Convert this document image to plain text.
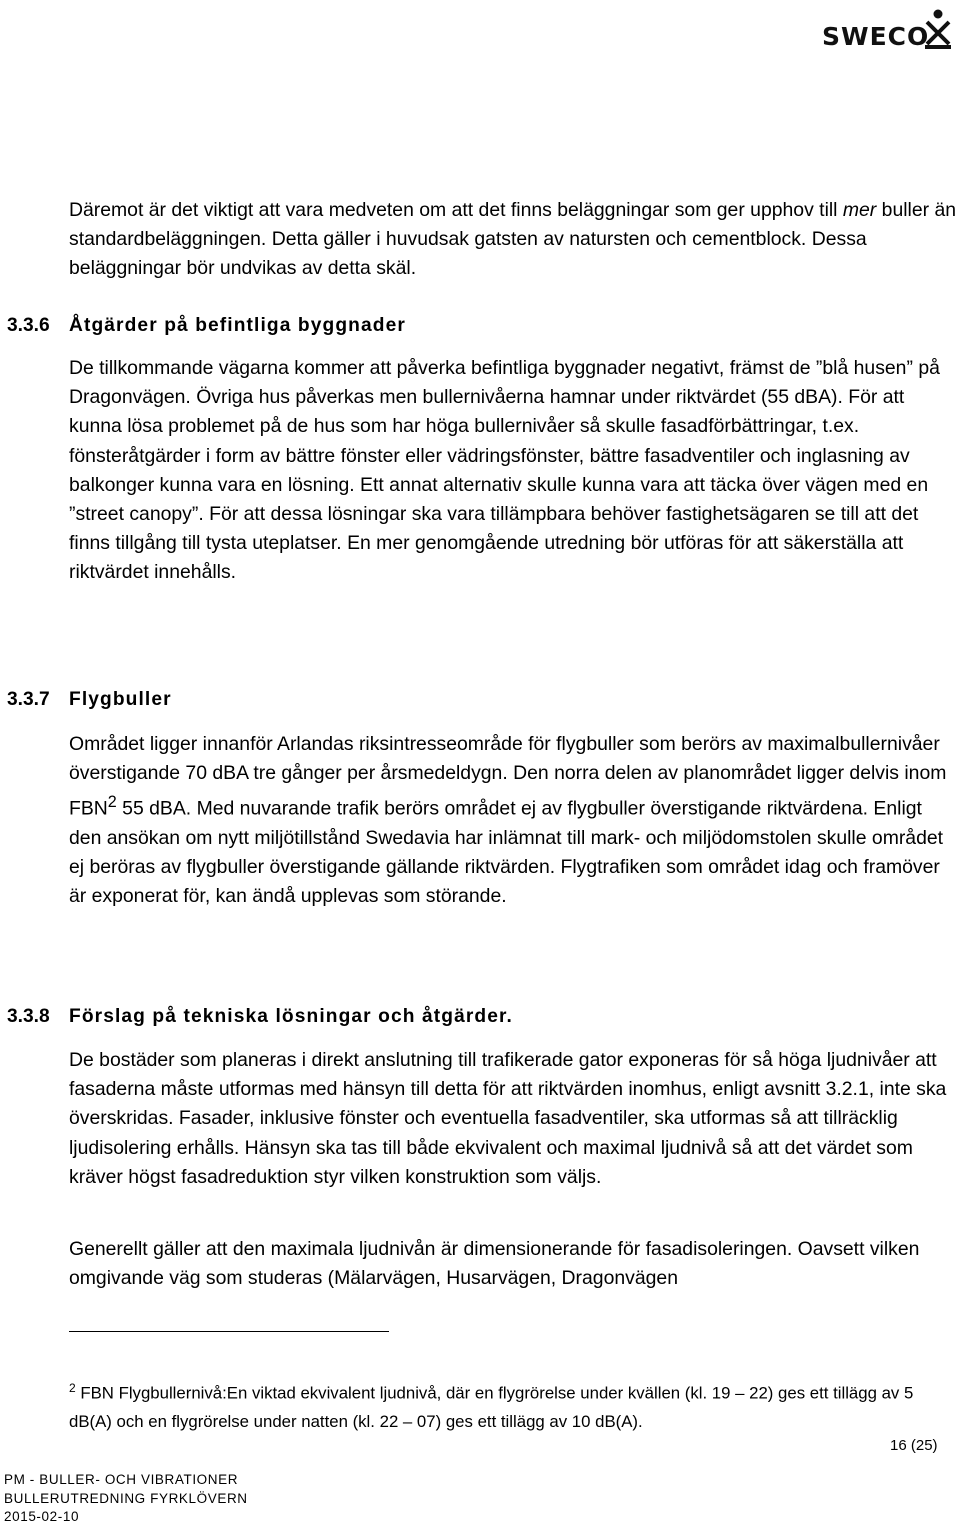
SWECO

Däremot är det viktigt att vara medveten om att det finns beläggningar som ger upphov till mer buller än standardbeläggningen. Detta gäller i huvudsak gatsten av natursten och cementblock. Dessa beläggningar bör undvikas av detta skäl.

3.3.6 Åtgärder på befintliga byggnader

De tillkommande vägarna kommer att påverka befintliga byggnader negativt, främst de ”blå husen” på Dragonvägen. Övriga hus påverkas men bullernivåerna hamnar under riktvärdet (55 dBA). För att kunna lösa problemet på de hus som har höga bullernivåer så skulle fasadförbättringar, t.ex. fönsteråtgärder i form av bättre fönster eller vädringsfönster, bättre fasadventiler och inglasning av balkonger kunna vara en lösning. Ett annat alternativ skulle kunna vara att täcka över vägen med en ”street canopy”. För att dessa lösningar ska vara tillämpbara behöver fastighetsägaren se till att det finns tillgång till tysta uteplatser. En mer genomgående utredning bör utföras för att säkerställa att riktvärdet innehålls.

3.3.7 Flygbuller

Området ligger innanför Arlandas riksintresseområde för flygbuller som berörs av maximalbullernivåer överstigande 70 dBA tre gånger per årsmedeldygn. Den norra delen av planområdet ligger delvis inom FBN$^2$ 55 dBA. Med nuvarande trafik berörs området ej av flygbuller överstigande riktvärdena. Enligt den ansökan om nytt miljötillstånd Swedavia har inlämnat till mark- och miljödomstolen skulle området ej beröras av flygbuller överstigande gällande riktvärden. Flygtrafiken som området idag och framöver är exponerat för, kan ändå upplevas som störande.

3.3.8 Förslag på tekniska lösningar och åtgärder.

De bostäder som planeras i direkt anslutning till trafikerade gator exponeras för så höga ljudnivåer att fasaderna måste utformas med hänsyn till detta för att riktvärden inomhus, enligt avsnitt 3.2.1, inte ska överskridas. Fasader, inklusive fönster och eventuella fasadventiler, ska utformas så att tillräcklig ljudisolering erhålls. Hänsyn ska tas till både ekvivalent och maximal ljudnivå så att det värdet som kräver högst fasadreduktion styr vilken konstruktion som väljs.

Generellt gäller att den maximala ljudnivån är dimensionerande för fasadisoleringen. Oavsett vilken omgivande väg som studeras (Mälarvägen, Husarvägen, Dragonvägen

$^2$ FBN Flygbullernivå:En viktad ekvivalent ljudnivå, där en flygrörelse under kvällen (kl. 19 – 22) ges ett tillägg av 5 dB(A) och en flygrörelse under natten (kl. 22 – 07) ges ett tillägg av 10 dB(A).

16 (25)
PM - BULLER- OCH VIBRATIONER
BULLERUTREDNING FYRKLÖVERN
2015-02-10
